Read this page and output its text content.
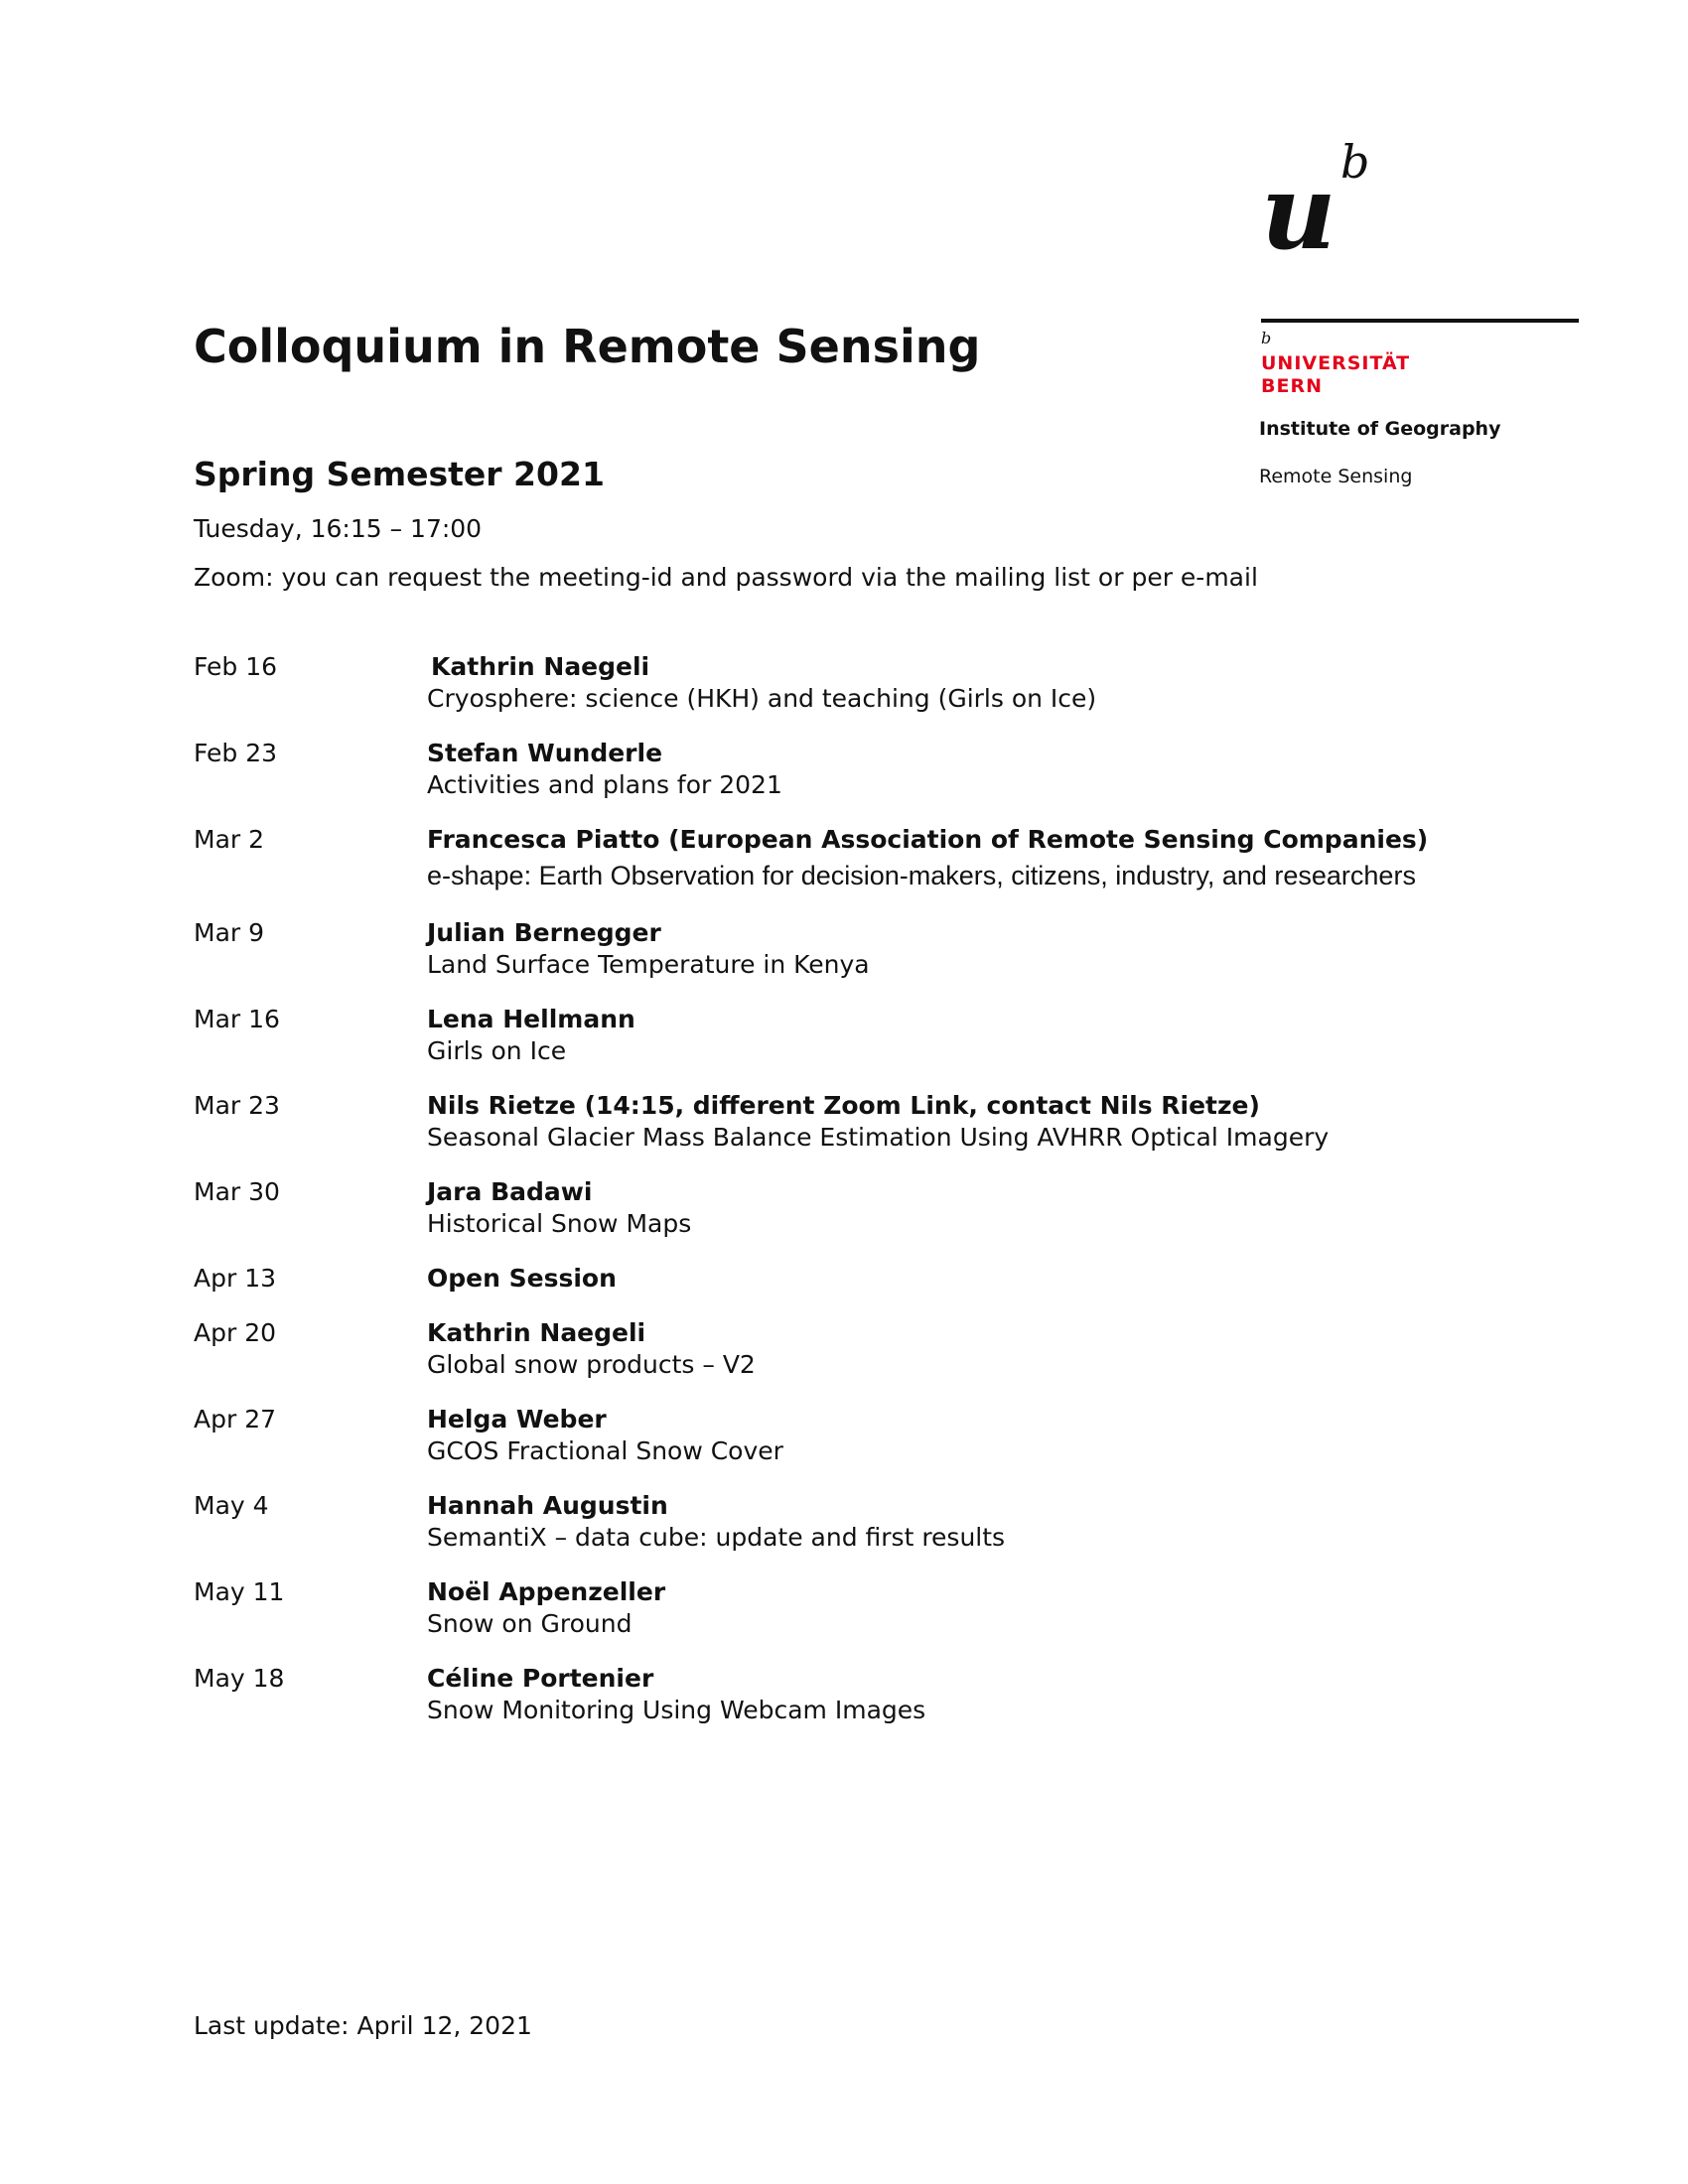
u b
b
UNIVERSITÄT
BERN
Institute of Geography
Remote Sensing
Colloquium in Remote Sensing
Spring Semester 2021
Tuesday, 16:15 – 17:00
Zoom: you can request the meeting-id and password via the mailing list or per e-mail
Feb 16	Kathrin Naegeli
Cryosphere: science (HKH) and teaching (Girls on Ice)
Feb 23	Stefan Wunderle
Activities and plans for 2021
Mar 2	Francesca Piatto (European Association of Remote Sensing Companies)
e-shape: Earth Observation for decision-makers, citizens, industry, and researchers
Mar 9	Julian Bernegger
Land Surface Temperature in Kenya
Mar 16	Lena Hellmann
Girls on Ice
Mar 23	Nils Rietze (14:15, different Zoom Link, contact Nils Rietze)
Seasonal Glacier Mass Balance Estimation Using AVHRR Optical Imagery
Mar 30	Jara Badawi
Historical Snow Maps
Apr 13	Open Session
Apr 20	Kathrin Naegeli
Global snow products – V2
Apr 27	Helga Weber
GCOS Fractional Snow Cover
May 4	Hannah Augustin
SemantiX – data cube: update and first results
May 11	Noël Appenzeller
Snow on Ground
May 18	Céline Portenier
Snow Monitoring Using Webcam Images
Last update: April 12, 2021
